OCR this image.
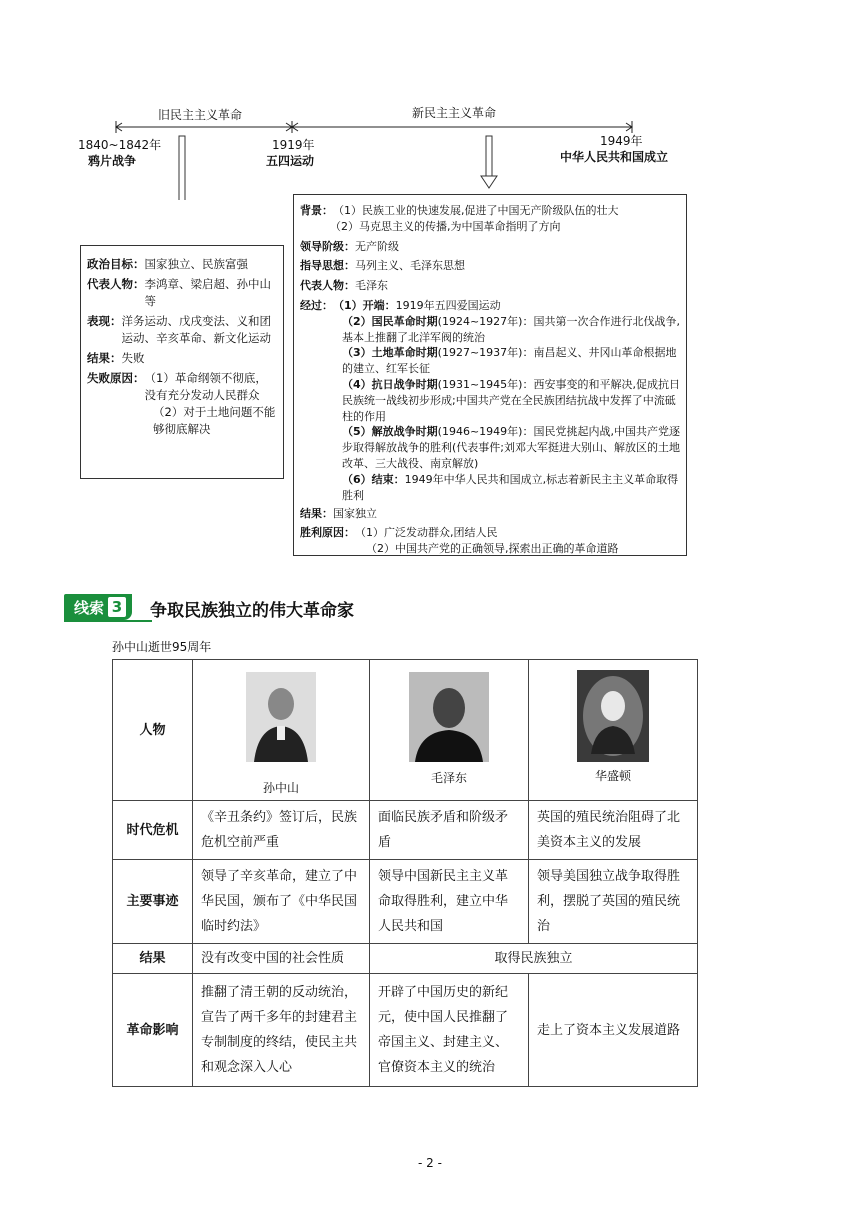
旧民主主义革命	新民主主义革命
1840~1842年
鸦片战争
1919年
五四运动
1949年
中华人民共和国成立
政治目标： 国家独立、民族富强
代表人物： 李鸿章、梁启超、孙中山等
表现： 洋务运动、戊戌变法、义和团运动、辛亥革命、新文化运动
结果： 失败
失败原因： （1）革命纲领不彻底，没有充分发动人民群众
（2）对于土地问题不能够彻底解决
背景： （1）民族工业的快速发展,促进了中国无产阶级队伍的壮大
（2）马克思主义的传播,为中国革命指明了方向
领导阶级： 无产阶级
指导思想： 马列主义、毛泽东思想
代表人物： 毛泽东
经过： （1）开端：1919年五四爱国运动
（2）国民革命时期(1924~1927年)：国共第一次合作进行北伐战争,基本上推翻了北洋军阀的统治
（3）土地革命时期(1927~1937年)：南昌起义、井冈山革命根据地的建立、红军长征
（4）抗日战争时期(1931~1945年)：西安事变的和平解决,促成抗日民族统一战线初步形成;中国共产党在全民族团结抗战中发挥了中流砥柱的作用
（5）解放战争时期(1946~1949年)：国民党挑起内战,中国共产党逐步取得解放战争的胜利(代表事件;刘邓大军挺进大别山、解放区的土地改革、三大战役、南京解放)
（6）结束：1949年中华人民共和国成立,标志着新民主主义革命取得胜利
结果： 国家独立
胜利原因： （1）广泛发动群众,团结人民
（2）中国共产党的正确领导,探索出正确的革命道路
线索 3 争取民族独立的伟大革命家
孙中山逝世95周年
人物	孙中山	毛泽东	华盛顿

时代危机	《辛丑条约》签订后，民族危机空前严重	面临民族矛盾和阶级矛盾	英国的殖民统治阻碍了北美资本主义的发展
主要事迹	领导了辛亥革命，建立了中华民国，颁布了《中华民国临时约法》	领导中国新民主主义革命取得胜利，建立中华人民共和国	领导美国独立战争取得胜利，摆脱了英国的殖民统治
结果	没有改变中国的社会性质	取得民族独立	
革命影响	推翻了清王朝的反动统治，宣告了两千多年的封建君主专制制度的终结，使民主共和观念深入人心	开辟了中国历史的新纪元，使中国人民推翻了帝国主义、封建主义、官僚资本主义的统治	走上了资本主义发展道路
- 2 -
